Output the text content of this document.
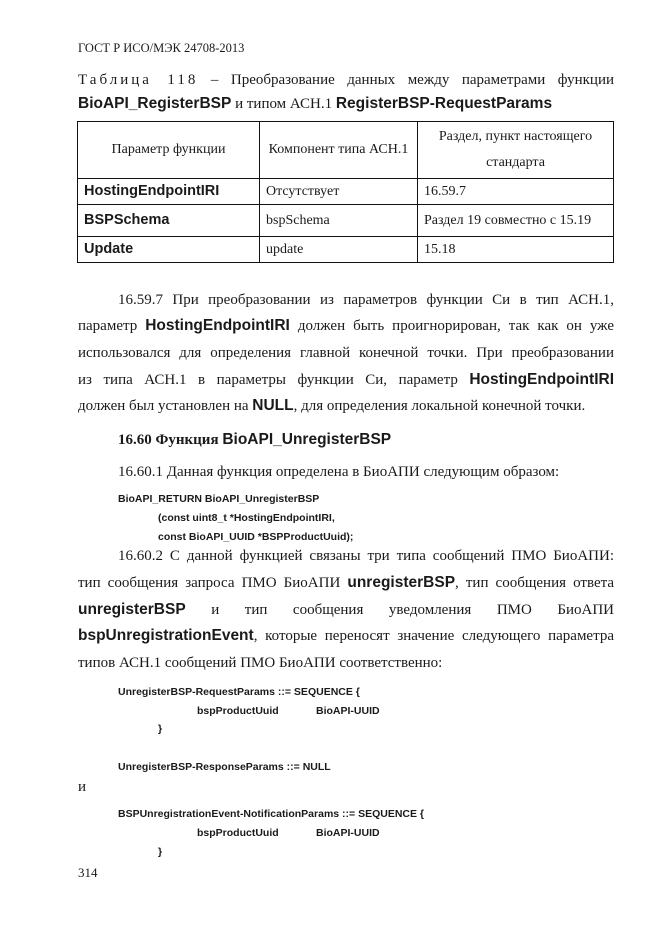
ГОСТ Р ИСО/МЭК 24708-2013
Таблица 118 – Преобразование данных между параметрами функции
BioAPI_RegisterBSP и типом АСН.1 RegisterBSP-RequestParams
Параметр функции	Компонент типа АСН.1	Раздел, пункт настоящего стандарта
HostingEndpointIRI	Отсутствует	16.59.7
BSPSchema	bspSchema	Раздел 19 совместно с 15.19
Update	update	15.18
16.59.7 При преобразовании из параметров функции Си в тип АСН.1,
параметр HostingEndpointIRI должен быть проигнорирован, так как он уже
использовался для определения главной конечной точки. При преобразовании
из типа АСН.1 в параметры функции Си, параметр HostingEndpointIRI
должен был установлен на NULL, для определения локальной конечной точки.
16.60 Функция BioAPI_UnregisterBSP
16.60.1 Данная функция определена в БиоАПИ следующим образом:
BioAPI_RETURN BioAPI_UnregisterBSP
(const uint8_t *HostingEndpointIRI,
const BioAPI_UUID *BSPProductUuid);
16.60.2 С данной функцией связаны три типа сообщений ПМО БиоАПИ:
тип сообщения запроса ПМО БиоАПИ unregisterBSP, тип сообщения ответа
unregisterBSP и тип сообщения уведомления ПМО БиоАПИ
bspUnregistrationEvent, которые переносят значение следующего параметра
типов АСН.1 сообщений ПМО БиоАПИ соответственно:
UnregisterBSP-RequestParams ::= SEQUENCE {
bspProductUuid	BioAPI-UUID
}
UnregisterBSP-ResponseParams ::= NULL
и
BSPUnregistrationEvent-NotificationParams ::= SEQUENCE {
bspProductUuid	BioAPI-UUID
}
314
